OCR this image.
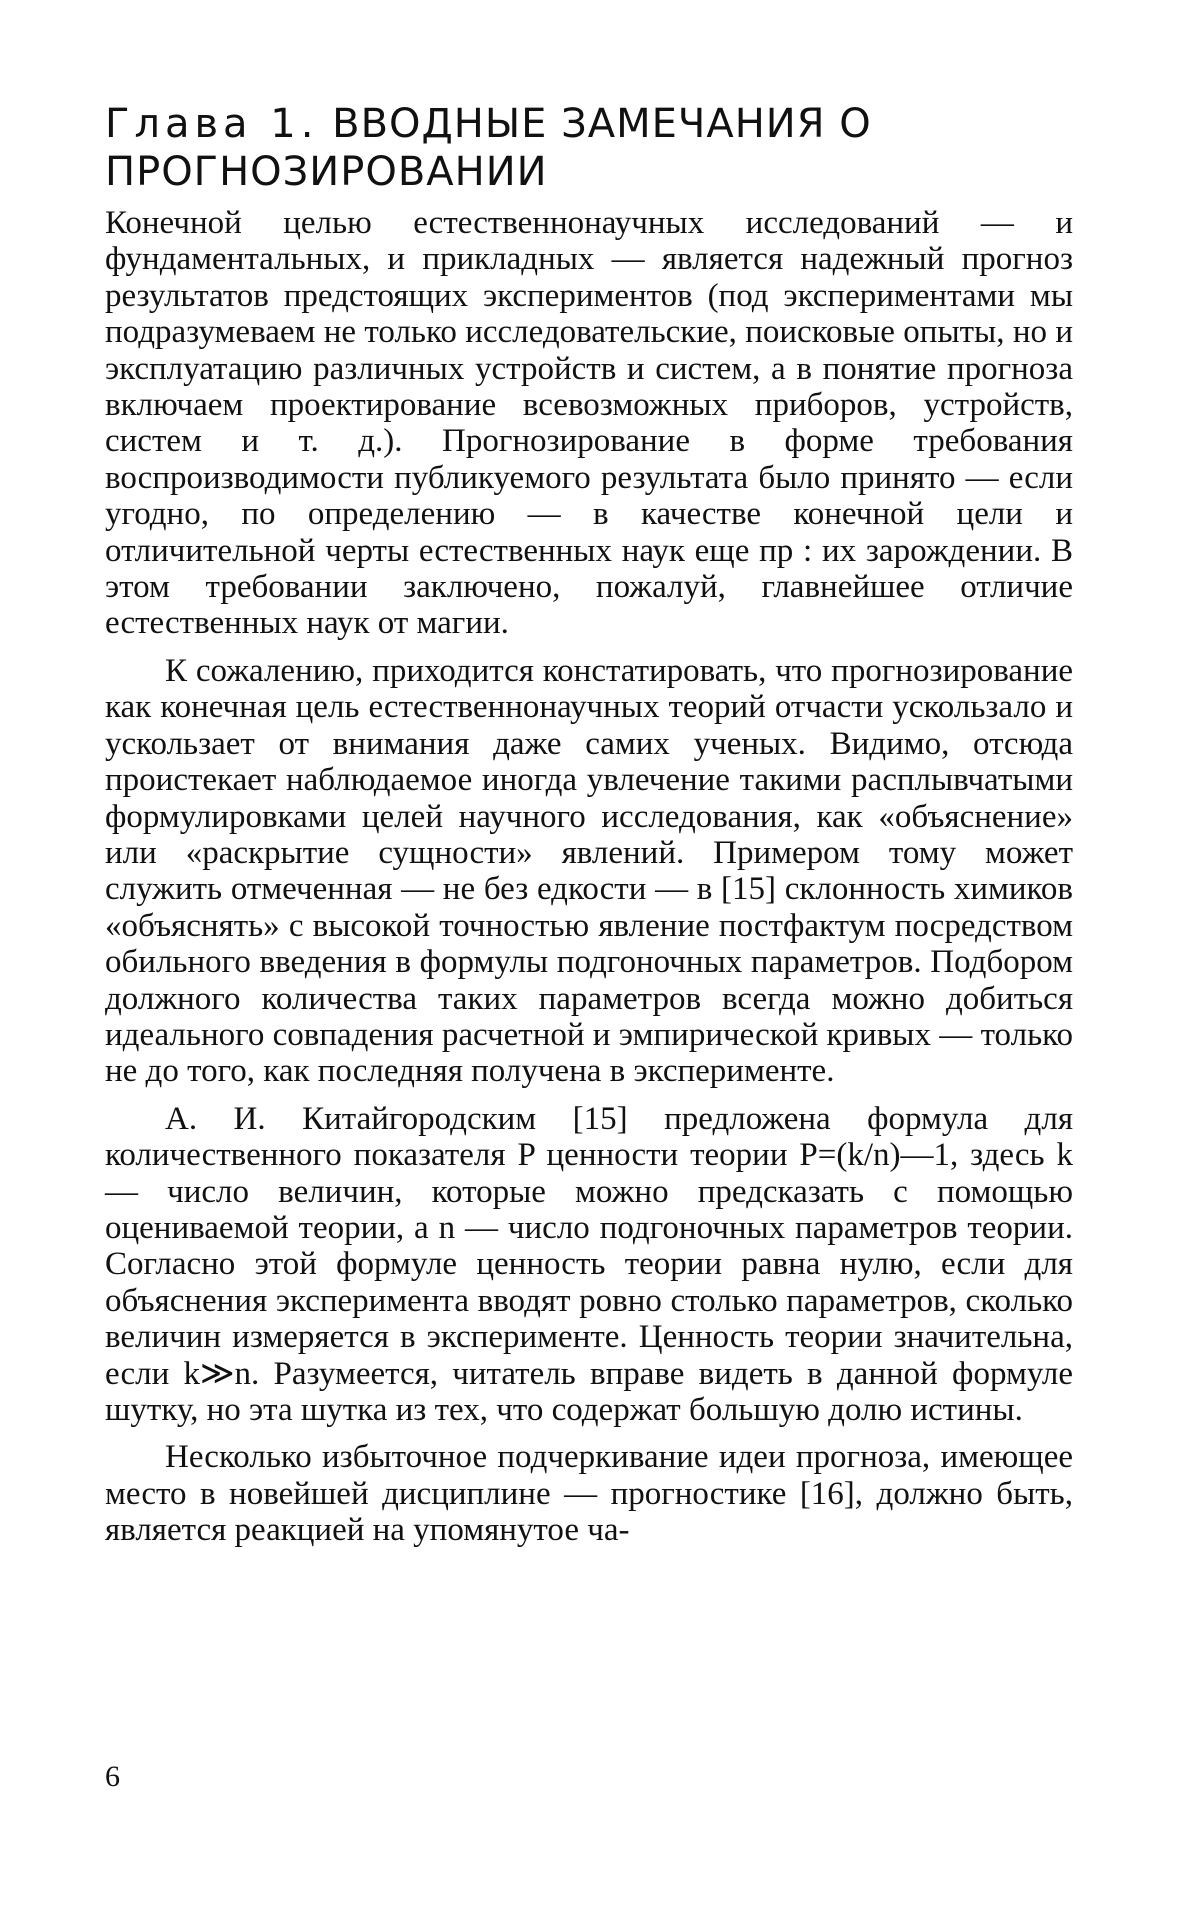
Глава 1. ВВОДНЫЕ ЗАМЕЧАНИЯ О ПРОГНОЗИРОВАНИИ

Конечной целью естественнонаучных исследований — и фундаментальных, и прикладных — является надежный прогноз результатов предстоящих экспериментов (под экспериментами мы подразумеваем не только исследовательские, поисковые опыты, но и эксплуатацию различных устройств и систем, а в понятие прогноза включаем проектирование всевозможных приборов, устройств, систем и т. д.). Прогнозирование в форме требования воспроизводимости публикуемого результата было принято — если угодно, по определению — в качестве конечной цели и отличительной черты естественных наук еще пр : их зарождении. В этом требовании заключено, пожалуй, главнейшее отличие естественных наук от магии.

К сожалению, приходится констатировать, что прогнозирование как конечная цель естественнонаучных теорий отчасти ускользало и ускользает от внимания даже самих ученых. Видимо, отсюда проистекает наблюдаемое иногда увлечение такими расплывчатыми формулировками целей научного исследования, как «объяснение» или «раскрытие сущности» явлений. Примером тому может служить отмеченная — не без едкости — в [15] склонность химиков «объяснять» с высокой точностью явление постфактум посредством обильного введения в формулы подгоночных параметров. Подбором должного количества таких параметров всегда можно добиться идеального совпадения расчетной и эмпирической кривых — только не до того, как последняя получена в эксперименте.

А. И. Китайгородским [15] предложена формула для количественного показателя P ценности теории P=(k/n)—1, здесь k — число величин, которые можно предсказать с помощью оцениваемой теории, а n — число подгоночных параметров теории. Согласно этой формуле ценность теории равна нулю, если для объяснения эксперимента вводят ровно столько параметров, сколько величин измеряется в эксперименте. Ценность теории значительна, если k≫n. Разумеется, читатель вправе видеть в данной формуле шутку, но эта шутка из тех, что содержат большую долю истины.

Несколько избыточное подчеркивание идеи прогноза, имеющее место в новейшей дисциплине — прогностике [16], должно быть, является реакцией на упомянутое ча-

6
